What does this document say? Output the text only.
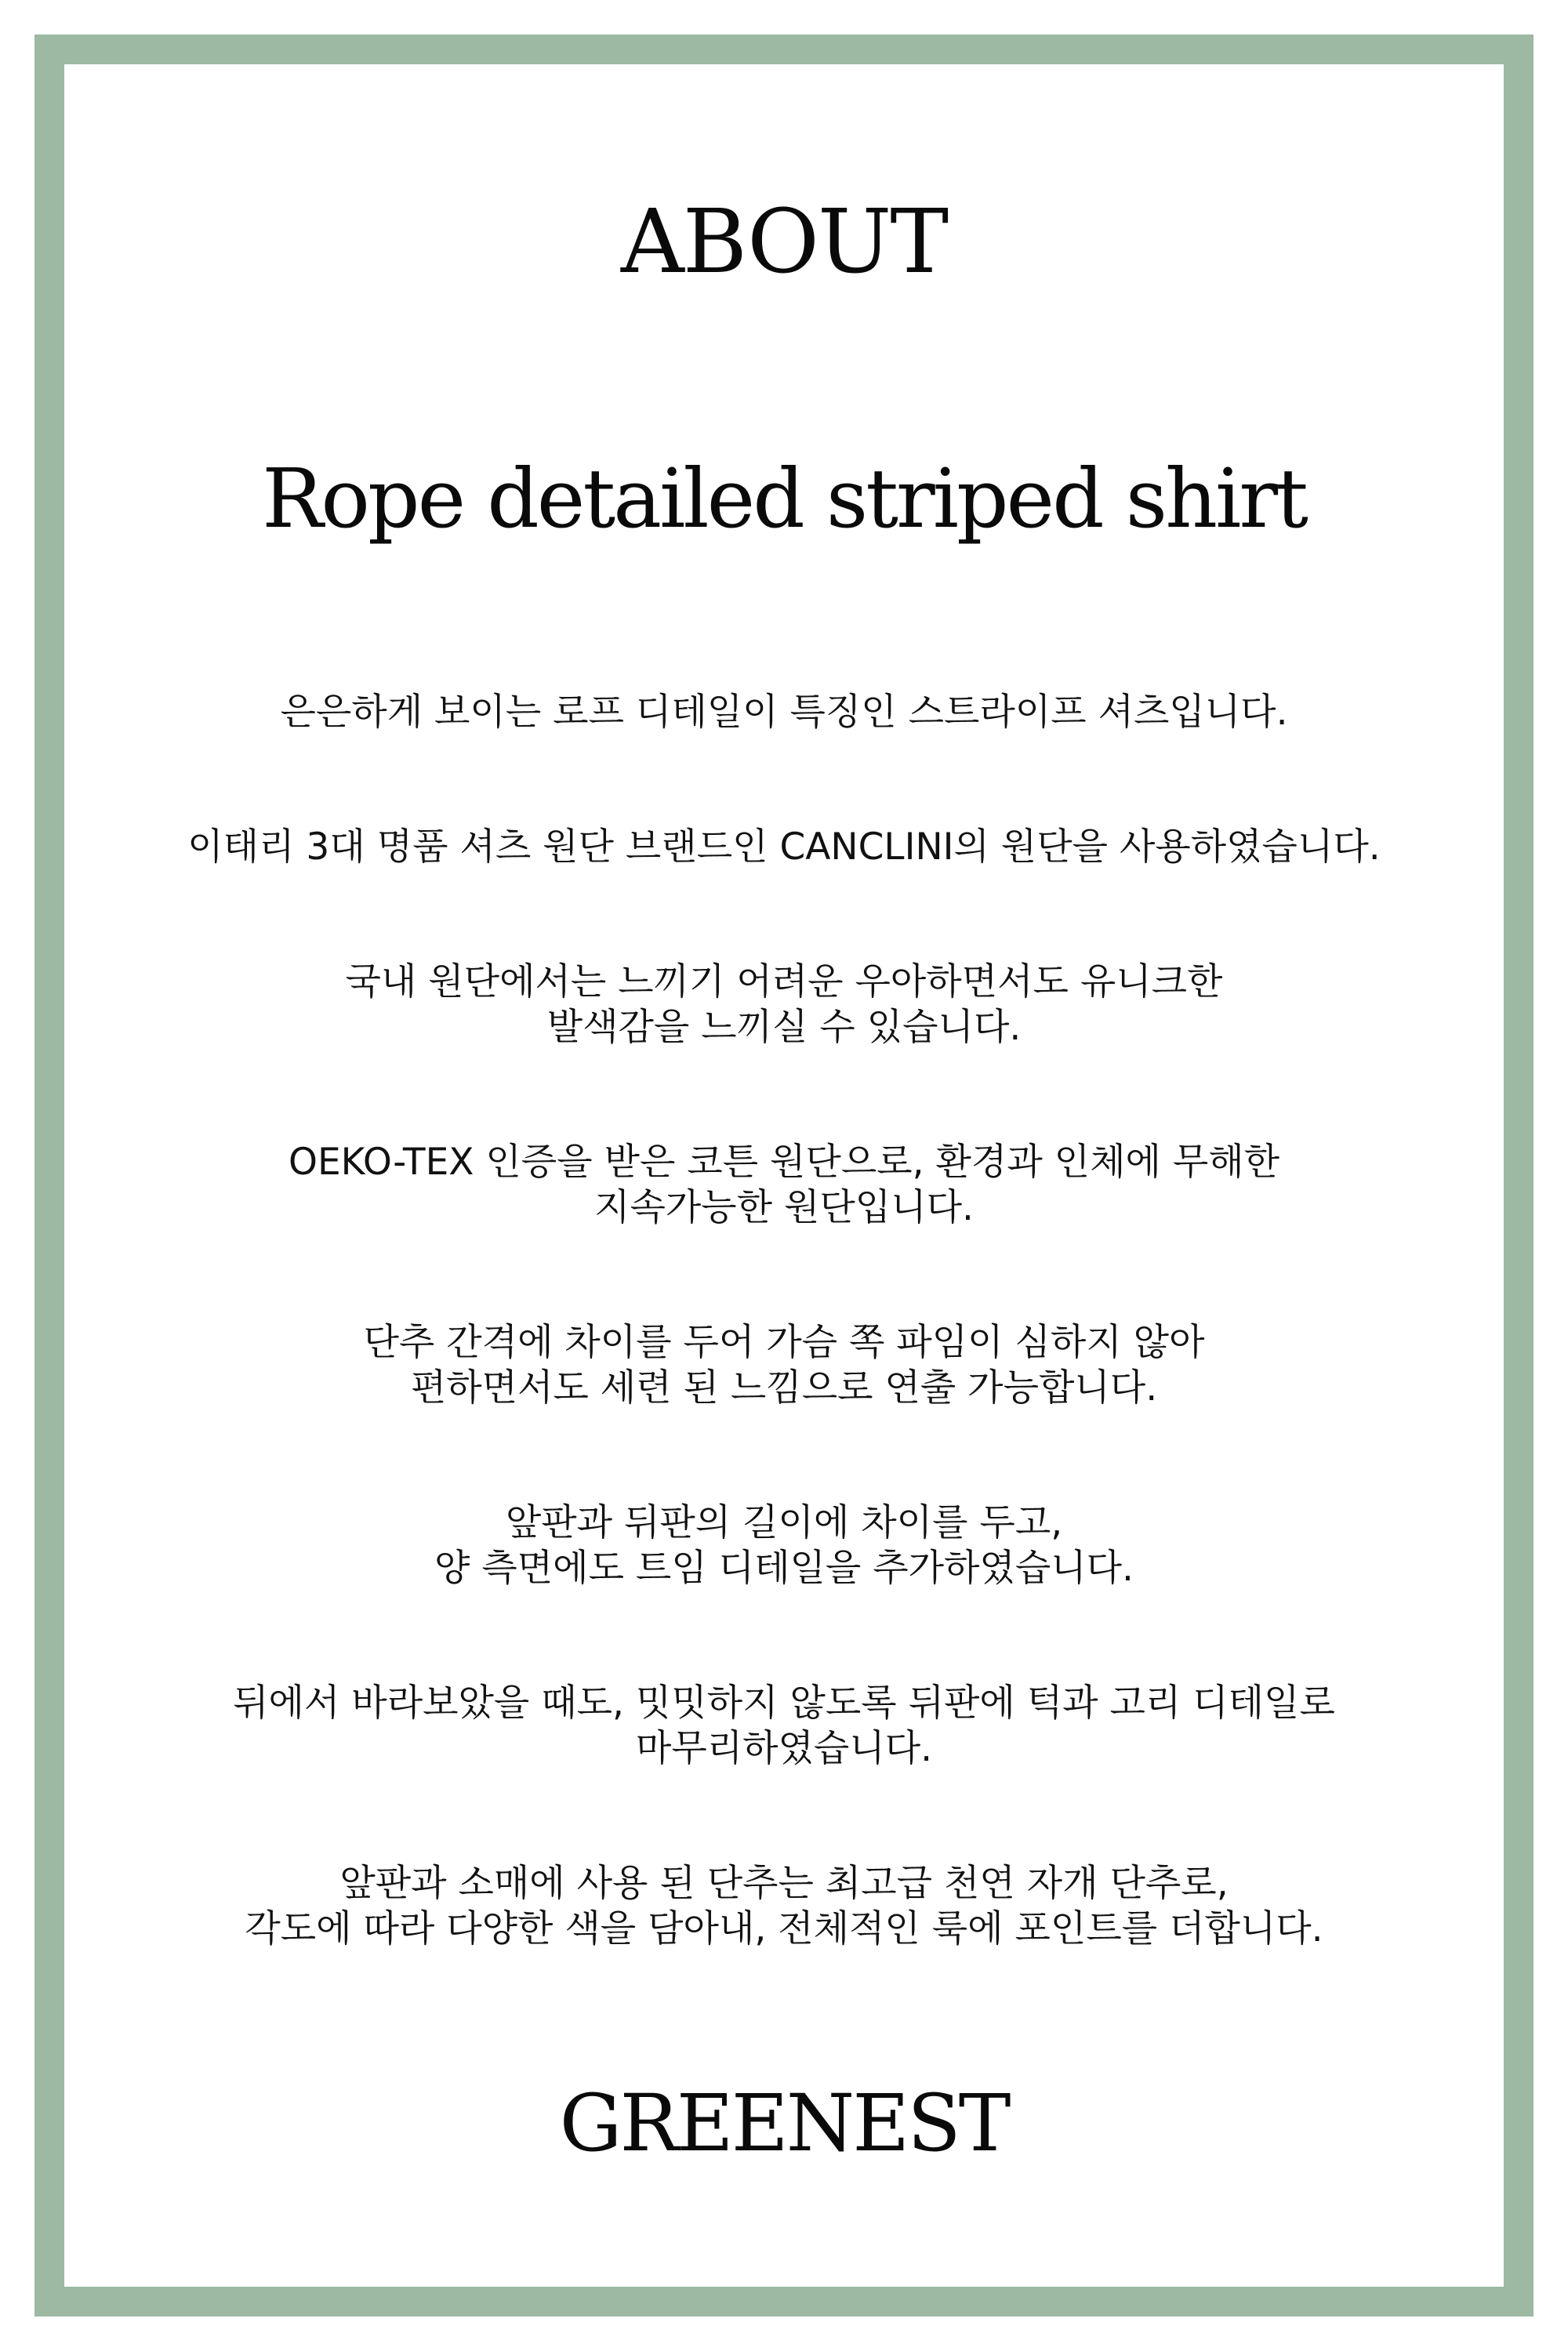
ABOUT
Rope detailed striped shirt

은은하게 보이는 로프 디테일이 특징인 스트라이프 셔츠입니다.

이태리 3대 명품 셔츠 원단 브랜드인 CANCLINI의 원단을 사용하였습니다.

국내 원단에서는 느끼기 어려운 우아하면서도 유니크한
발색감을 느끼실 수 있습니다.

OEKO-TEX 인증을 받은 코튼 원단으로, 환경과 인체에 무해한
지속가능한 원단입니다.

단추 간격에 차이를 두어 가슴 쪽 파임이 심하지 않아
편하면서도 세련 된 느낌으로 연출 가능합니다.

앞판과 뒤판의 길이에 차이를 두고,
양 측면에도 트임 디테일을 추가하였습니다.

뒤에서 바라보았을 때도, 밋밋하지 않도록 뒤판에 턱과 고리 디테일로
마무리하였습니다.

앞판과 소매에 사용 된 단추는 최고급 천연 자개 단추로,
각도에 따라 다양한 색을 담아내, 전체적인 룩에 포인트를 더합니다.

GREENEST
